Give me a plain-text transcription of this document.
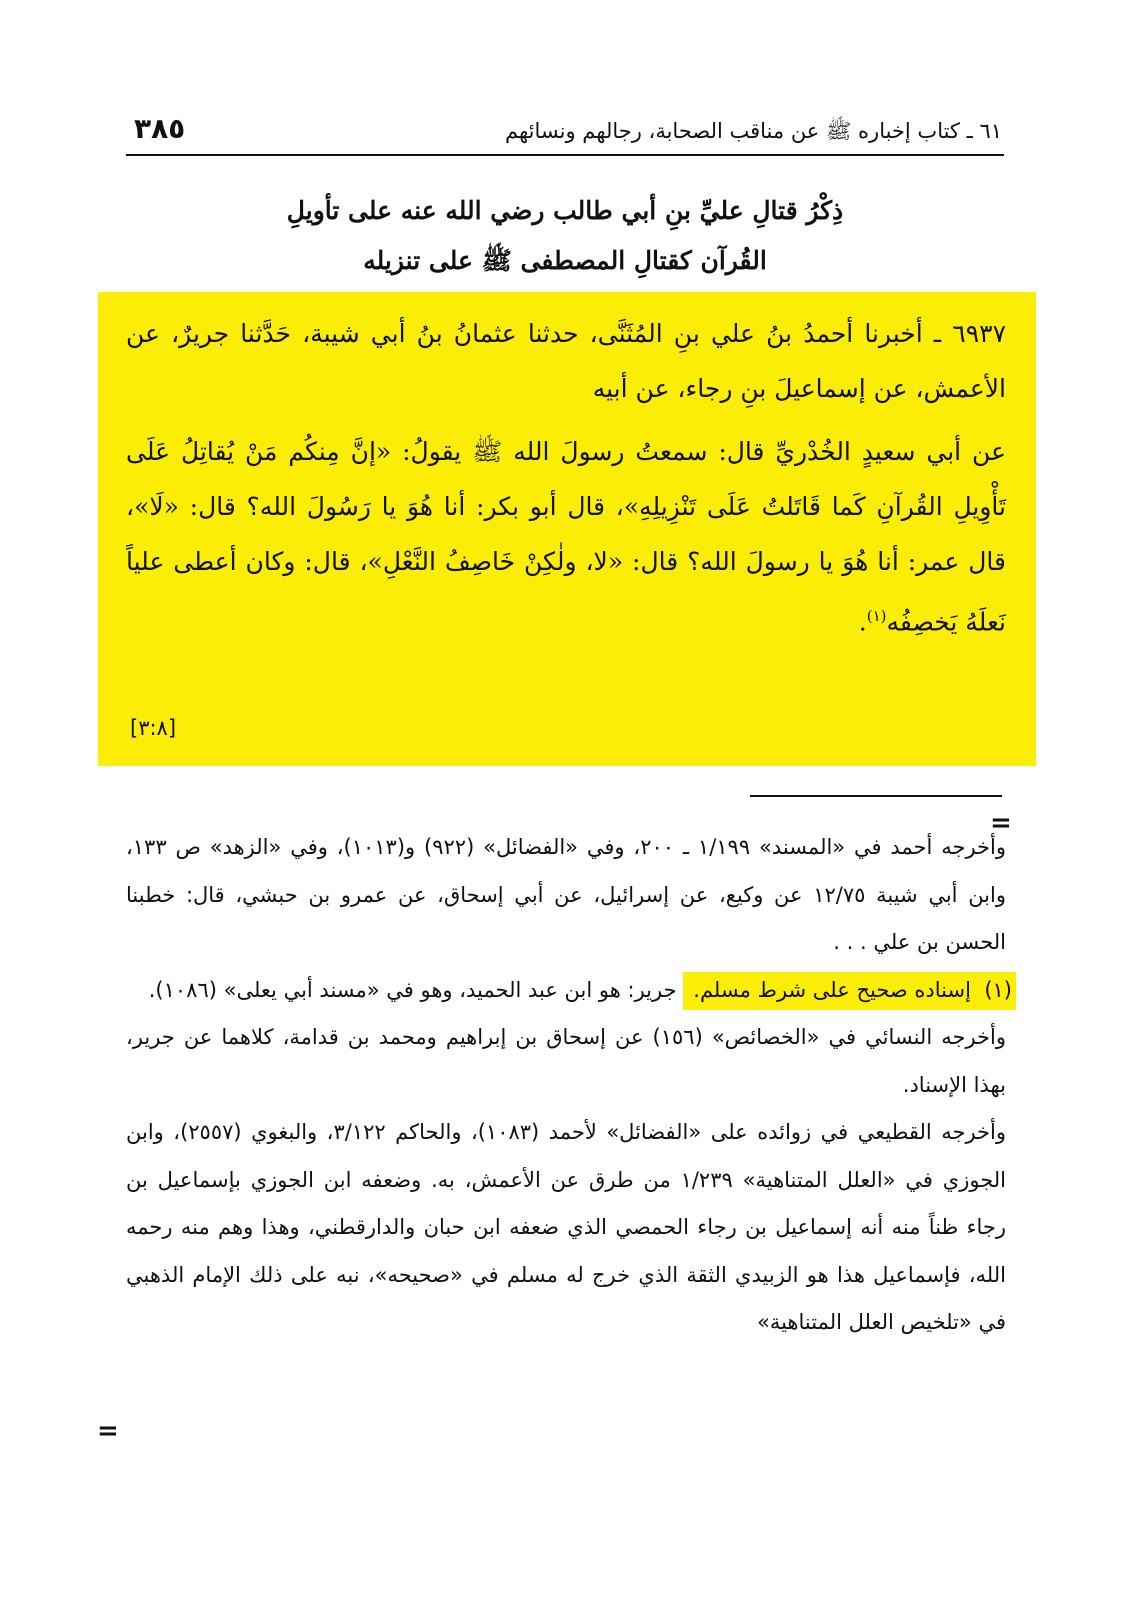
٦١ ـ كتاب إخباره ﷺ عن مناقب الصحابة، رجالهم ونسائهم
٣٨٥
ذِكْرُ قتالِ عليِّ بنِ أبي طالب رضي الله عنه على تأويلِ
القُرآن كقتالِ المصطفى ﷺ على تنزيله

٦٩٣٧ ـ أخبرنا أحمدُ بنُ علي بنِ المُثَنَّى، حدثنا عثمانُ بنُ أبي شيبة، حَدَّثنا جريرٌ، عن الأعمش، عن إسماعيلَ بنِ رجاء، عن أبيه

عن أبي سعيدٍ الخُدْريِّ قال: سمعتُ رسولَ الله ﷺ يقولُ: «إنَّ مِنكُم مَنْ يُقاتِلُ عَلَى تَأْوِيلِ القُرآنِ كَما قَاتَلتُ عَلَى تَنْزِيلِهِ»، قال أبو بكر: أنا هُوَ يا رَسُولَ الله؟ قال: «لَا»، قال عمر: أنا هُوَ يا رسولَ الله؟ قال: «لا، ولٰكِنْ خَاصِفُ النَّعْلِ»، قال: وكان أعطى علياً نَعلَهُ يَخصِفُه$^{(١)}$.

[٣:٨]
=

وأخرجه أحمد في «المسند» ١/١٩٩ ـ ٢٠٠، وفي «الفضائل» (٩٢٢) و(١٠١٣)، وفي «الزهد» ص ١٣٣، وابن أبي شيبة ١٢/٧٥ عن وكيع، عن إسرائيل، عن أبي إسحاق، عن عمرو بن حبشي، قال: خطبنا الحسن بن علي . . .

(١)  إسناده صحيح على شرط مسلم. جرير: هو ابن عبد الحميد، وهو في «مسند أبي يعلى» (١٠٨٦).

وأخرجه النسائي في «الخصائص» (١٥٦) عن إسحاق بن إبراهيم ومحمد بن قدامة، كلاهما عن جرير، بهذا الإسناد.

وأخرجه القطيعي في زوائده على «الفضائل» لأحمد (١٠٨٣)، والحاكم ٣/١٢٢، والبغوي (٢٥٥٧)، وابن الجوزي في «العلل المتناهية» ١/٢٣٩ من طرق عن الأعمش، به. وضعفه ابن الجوزي بإسماعيل بن رجاء ظناً منه أنه إسماعيل بن رجاء الحمصي الذي ضعفه ابن حبان والدارقطني، وهذا وهم منه رحمه الله، فإسماعيل هذا هو الزبيدي الثقة الذي خرج له مسلم في «صحيحه»، نبه على ذلك الإمام الذهبي في «تلخيص العلل المتناهية»

=
